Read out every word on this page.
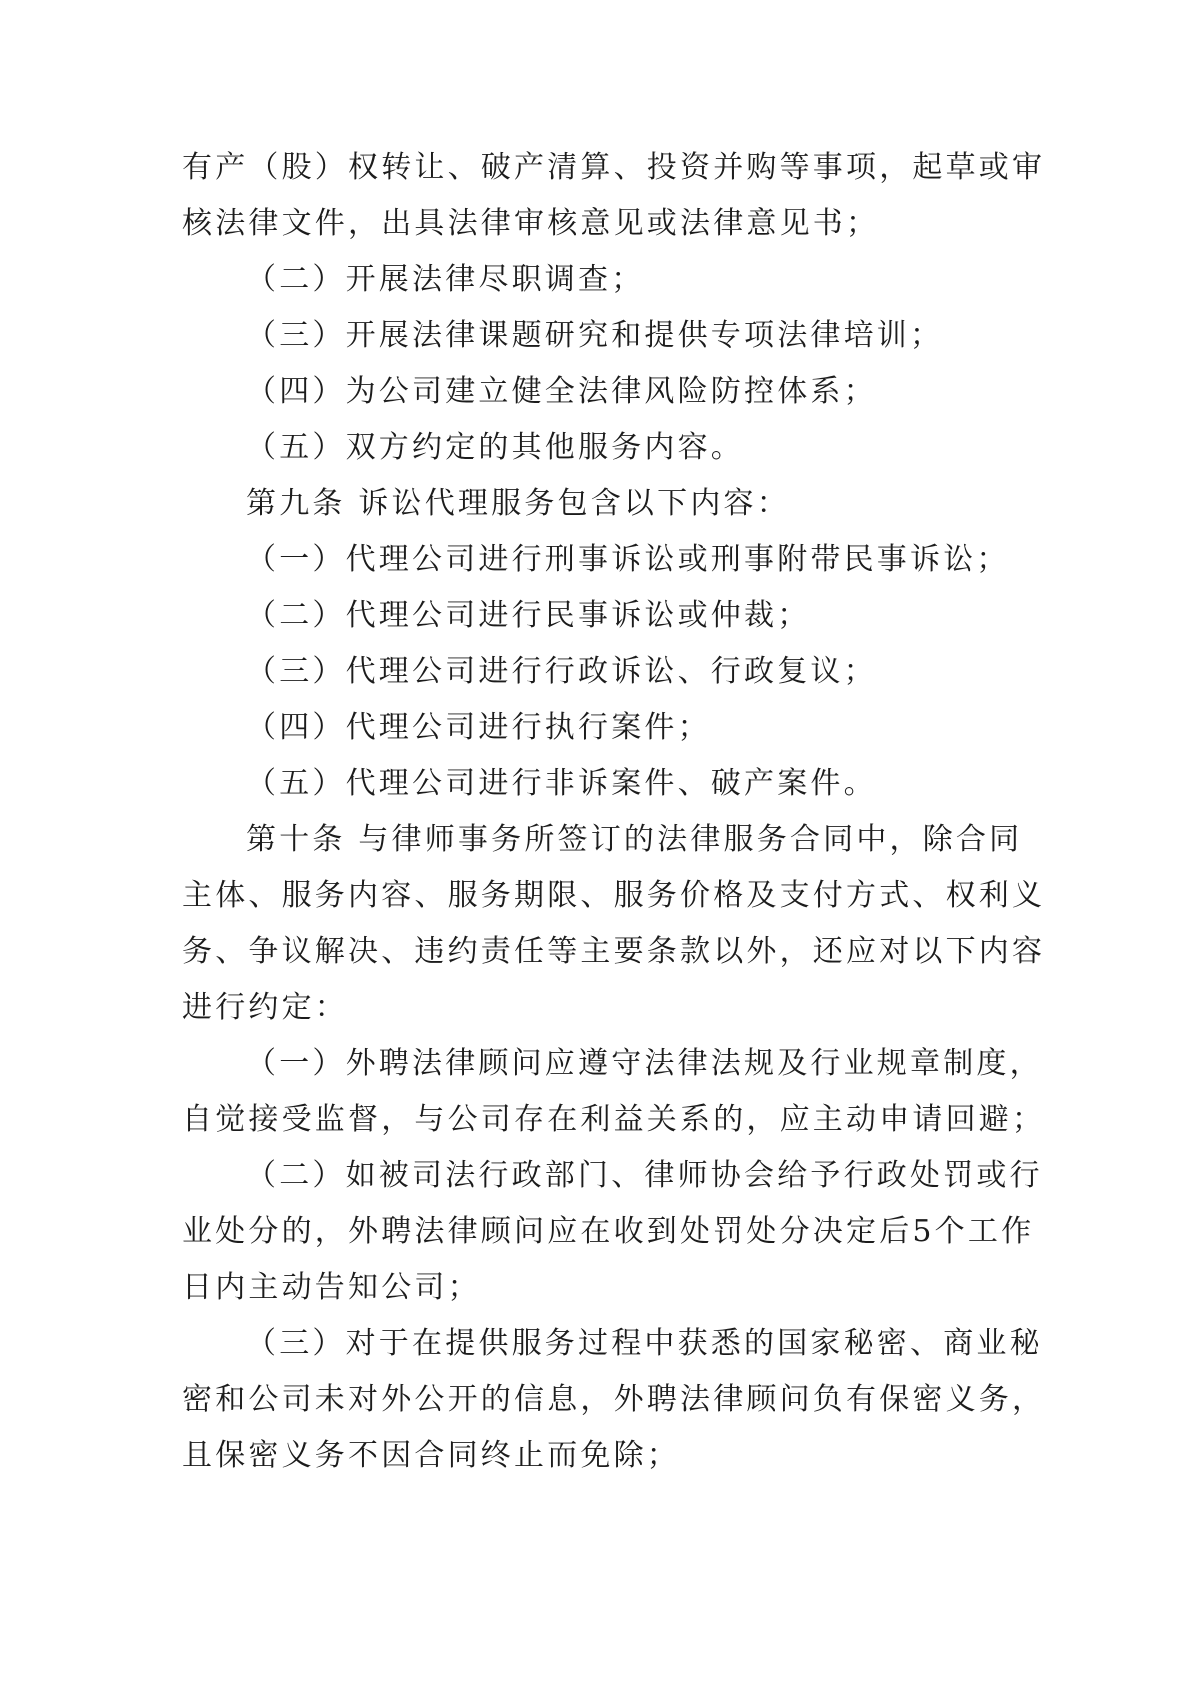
有产（股）权转让、破产清算、投资并购等事项，起草或审
核法律文件，出具法律审核意见或法律意见书；
（二）开展法律尽职调查；
（三）开展法律课题研究和提供专项法律培训；
（四）为公司建立健全法律风险防控体系；
（五）双方约定的其他服务内容。
第九条 诉讼代理服务包含以下内容：
（一）代理公司进行刑事诉讼或刑事附带民事诉讼；
（二）代理公司进行民事诉讼或仲裁；
（三）代理公司进行行政诉讼、行政复议；
（四）代理公司进行执行案件；
（五）代理公司进行非诉案件、破产案件。
第十条 与律师事务所签订的法律服务合同中，除合同
主体、服务内容、服务期限、服务价格及支付方式、权利义
务、争议解决、违约责任等主要条款以外，还应对以下内容
进行约定：
（一）外聘法律顾问应遵守法律法规及行业规章制度，
自觉接受监督，与公司存在利益关系的，应主动申请回避；
（二）如被司法行政部门、律师协会给予行政处罚或行
业处分的，外聘法律顾问应在收到处罚处分决定后5个工作
日内主动告知公司；
（三）对于在提供服务过程中获悉的国家秘密、商业秘
密和公司未对外公开的信息，外聘法律顾问负有保密义务，
且保密义务不因合同终止而免除；
